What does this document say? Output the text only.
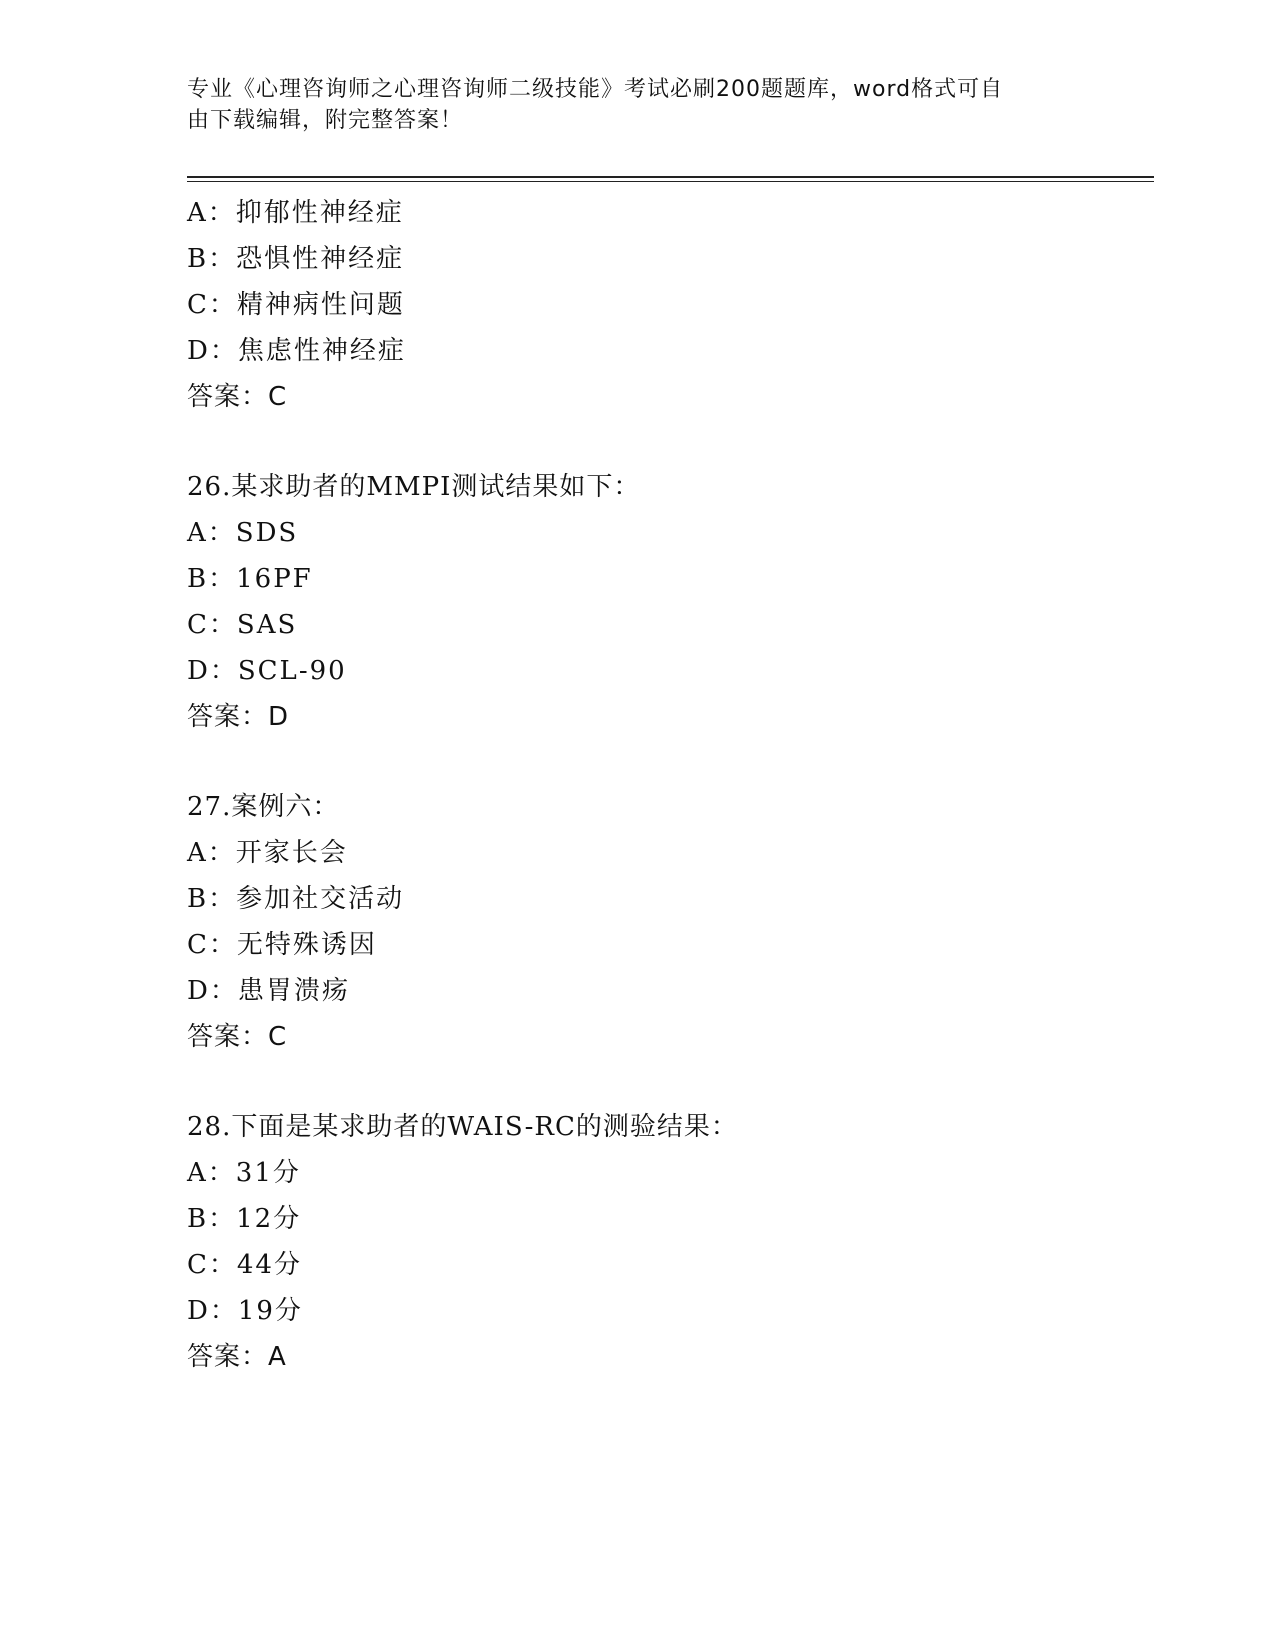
专业《心理咨询师之心理咨询师二级技能》考试必刷200题题库，word格式可自
由下载编辑，附完整答案！
A：抑郁性神经症
B：恐惧性神经症
C：精神病性问题
D：焦虑性神经症
答案：C
26.某求助者的MMPI测试结果如下：
A：SDS
B：16PF
C：SAS
D：SCL-90
答案：D
27.案例六：
A：开家长会
B：参加社交活动
C：无特殊诱因
D：患胃溃疡
答案：C
28.下面是某求助者的WAIS-RC的测验结果：
A：31分
B：12分
C：44分
D：19分
答案：A
